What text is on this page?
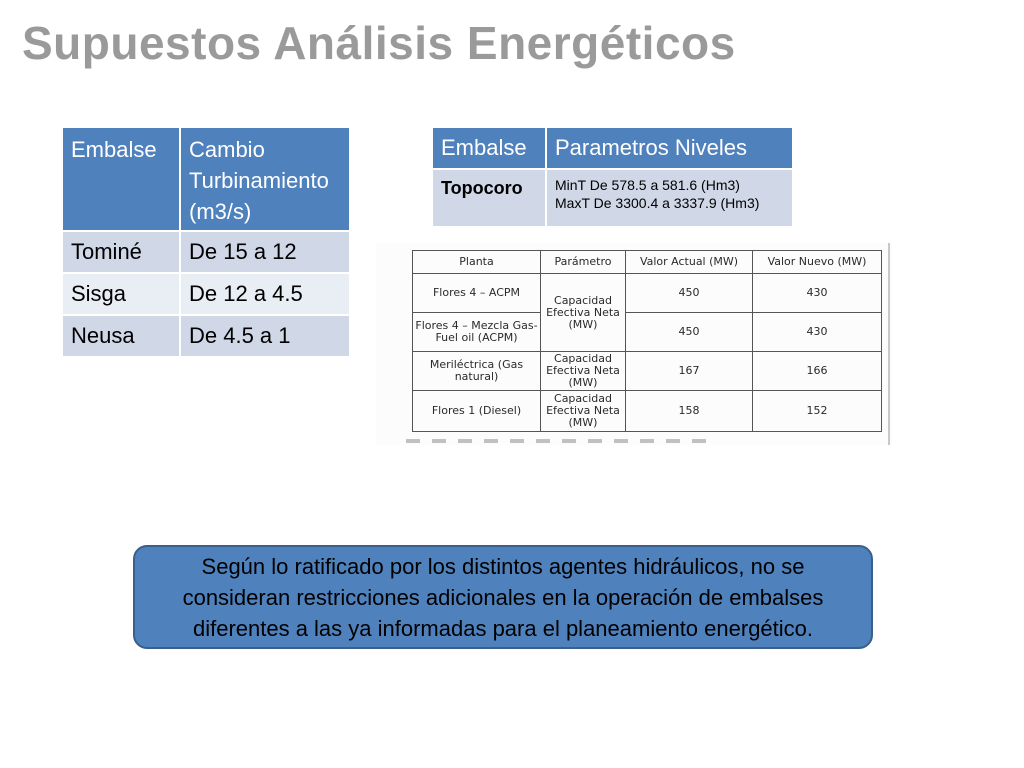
Supuestos Análisis Energéticos
Embalse	Cambio Turbinamiento (m3/s)
Tominé	De 15 a 12
Sisga	De 12 a 4.5
Neusa	De 4.5 a 1
Embalse	Parametros Niveles
Topocoro	MinT De 578.5 a 581.6 (Hm3)
MaxT De 3300.4 a 3337.9 (Hm3)
Planta	Parámetro	Valor Actual (MW)	Valor Nuevo (MW)
Flores 4 – ACPM	Capacidad Efectiva Neta (MW)	450	430
Flores 4 – Mezcla Gas- Fuel oil (ACPM)		450	430
Meriléctrica (Gas natural)	Capacidad Efectiva Neta (MW)	167	166
Flores 1 (Diesel)	Capacidad Efectiva Neta (MW)	158	152
Según lo ratificado por los distintos agentes hidráulicos, no se consideran restricciones adicionales en la operación de embalses diferentes a las ya informadas para el planeamiento energético.
